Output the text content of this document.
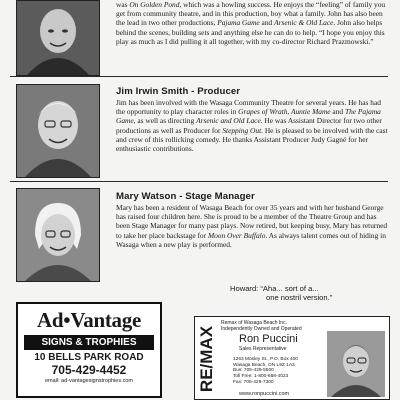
was On Golden Pond, which was a howling success. He enjoys the “feeling” of family you get from community theatre, and in this production, boy what a family. John has also been the lead in two other productions, Pajama Game and Arsenic & Old Lace. John also helps behind the scenes, building sets and anything else he can do to help. “I hope you enjoy this play as much as I did pulling it all together, with my co-director Richard Prazmowski.”

Jim Irwin Smith - Producer

Jim has been involved with the Wasaga Community Theatre for several years. He has had the opportunity to play character roles in Grapes of Wrath, Auntie Mame and The Pajama Game, as well as directing Arsenic and Old Lace. He was Assistant Director for two other productions as well as Producer for Stepping Out. He is pleased to be involved with the cast and crew of this rollicking comedy. He thanks Assistant Producer Judy Gagné for her enthusiastic contributions.

Mary Watson - Stage Manager

Mary has been a resident of Wasaga Beach for over 35 years and with her husband George has raised four children here. She is proud to be a member of the Theatre Group and has been Stage Manager for many past plays. Now retired, but keeping busy, Mary has returned to take her place backstage for Moon Over Buffalo. As always talent comes out of hiding in Wasaga when a new play is performed.

Howard: “Aha... sort of a...
one nostril version.”
Ad•Vantage
SIGNS & TROPHIES
10 BELLS PARK ROAD
705-429-4452
email: ad-vantagesignstrophies.com	RE/MAX
Remax of Wasaga Beach Inc.
Independently Owned and Operated
Ron Puccini
Sales Representative
1263 Mosley St., P.O. Box 400
Wasaga Beach, ON L9Z 1A3
Bus: 705-429-5500
Toll Free: 1-800-668-4023
Fax: 705-429-7300
www.ronpuccini.com
